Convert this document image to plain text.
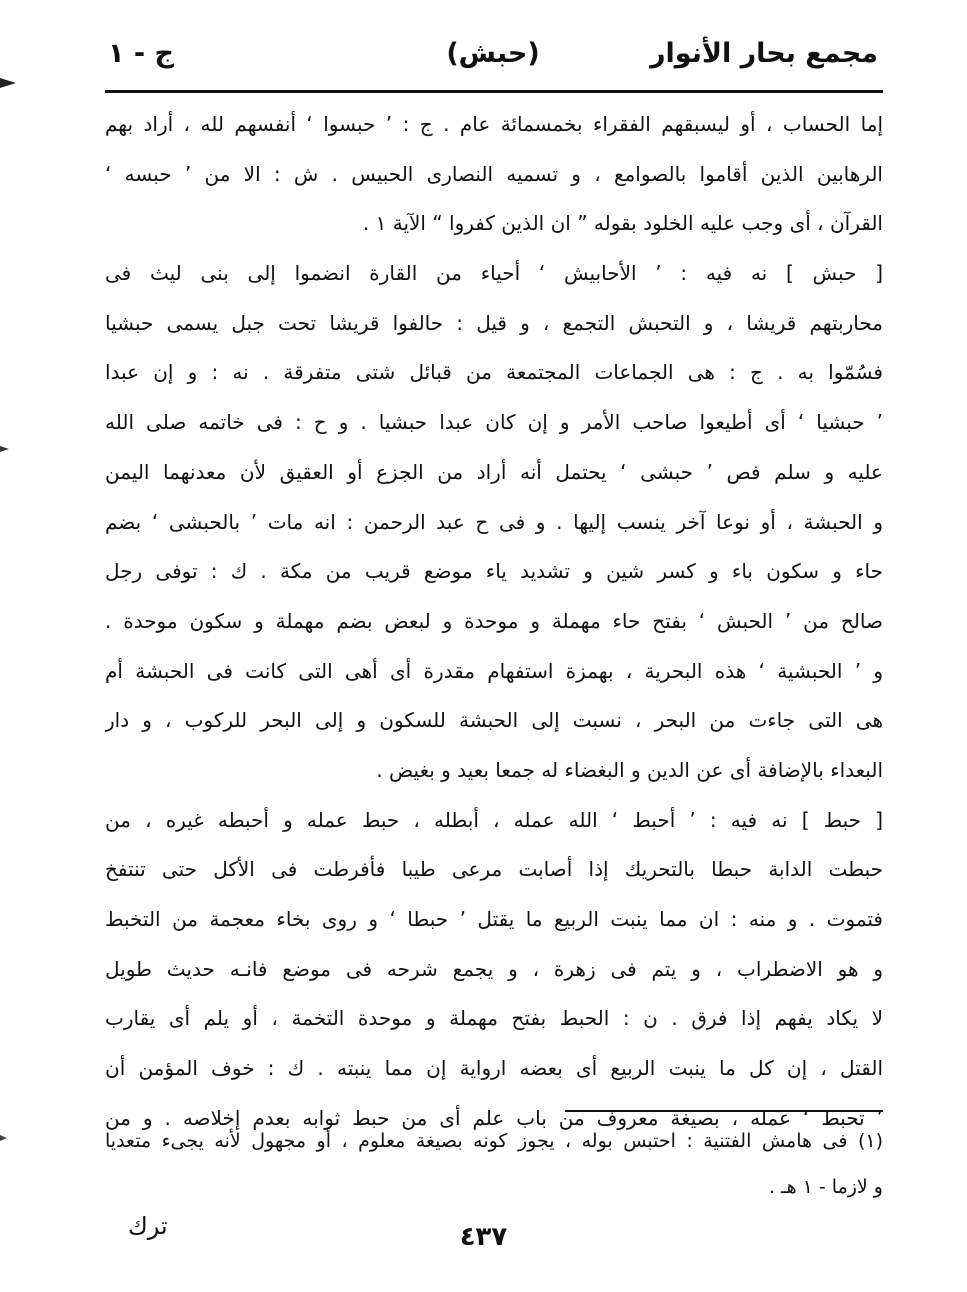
مجمع بحار الأنوار
(حبش)
ج - ١
إما الحساب ، أو ليسبقهم الفقراء بخمسمائة عام . ج : ’ حبسوا ‘ أنفسهم لله ، أراد بهم
الرهابين الذين أقاموا بالصوامع ، و تسميه النصارى الحبيس . ش : الا من ’ حبسه ‘
القرآن ، أى وجب عليه الخلود بقوله ” ان الذين كفروا “ الآية ١ .
[ حبش ] نه فيه : ’ الأحابيش ‘ أحياء من القارة انضموا إلى بنى ليث فى
محاربتهم قريشا ، و التحبش التجمع ، و قيل : حالفوا قريشا تحت جبل يسمى حبشيا
فسُمّوا به . ج : هى الجماعات المجتمعة من قبائل شتى متفرقة . نه : و إن عبدا
’ حبشيا ‘ أى أطيعوا صاحب الأمر و إن كان عبدا حبشيا . و ح : فى خاتمه صلى الله
عليه و سلم فص ’ حبشى ‘ يحتمل أنه أراد من الجزع أو العقيق لأن معدنهما اليمن
و الحبشة ، أو نوعا آخر ينسب إليها . و فى ح عبد الرحمن : انه مات ’ بالحبشى ‘ بضم
حاء و سكون باء و كسر شين و تشديد ياء موضع قريب من مكة . ك : توفى رجل
صالح من ’ الحبش ‘ بفتح حاء مهملة و موحدة و لبعض بضم مهملة و سكون موحدة .
و ’ الحبشية ‘ هذه البحرية ، بهمزة استفهام مقدرة أى أهى التى كانت فى الحبشة أم
هى التى جاءت من البحر ، نسبت إلى الحبشة للسكون و إلى البحر للركوب ، و دار
البعداء بالإضافة أى عن الدين و البغضاء له جمعا بعيد و بغيض .
[ حبط ] نه فيه : ’ أحبط ‘ الله عمله ، أبطله ، حبط عمله و أحبطه غيره ، من
حبطت الدابة حبطا بالتحريك إذا أصابت مرعى طيبا فأفرطت فى الأكل حتى تنتفخ
فتموت . و منه : ان مما ينبت الربيع ما يقتل ’ حبطا ‘ و روى بخاء معجمة من التخبط
و هو الاضطراب ، و يتم فى زهرة ، و يجمع شرحه فى موضع فانـه حديث طويل
لا يكاد يفهم إذا فرق . ن : الحبط بفتح مهملة و موحدة التخمة ، أو يلم أى يقارب
القتل ، إن كل ما ينبت الربيع أى بعضه ارواية إن مما ينبته . ك : خوف المؤمن أن
’ تحبط ‘ عمله ، بصيغة معروف من باب علم أى من حبط ثوابه بعدم إخلاصه . و من
(١) فى هامش الفتنية : احتبس بوله ، يجوز كونه بصيغة معلوم ، أو مجهول لأنه يجىء متعديا
و لازما - ١ هـ .
٤٣٧
ترك
